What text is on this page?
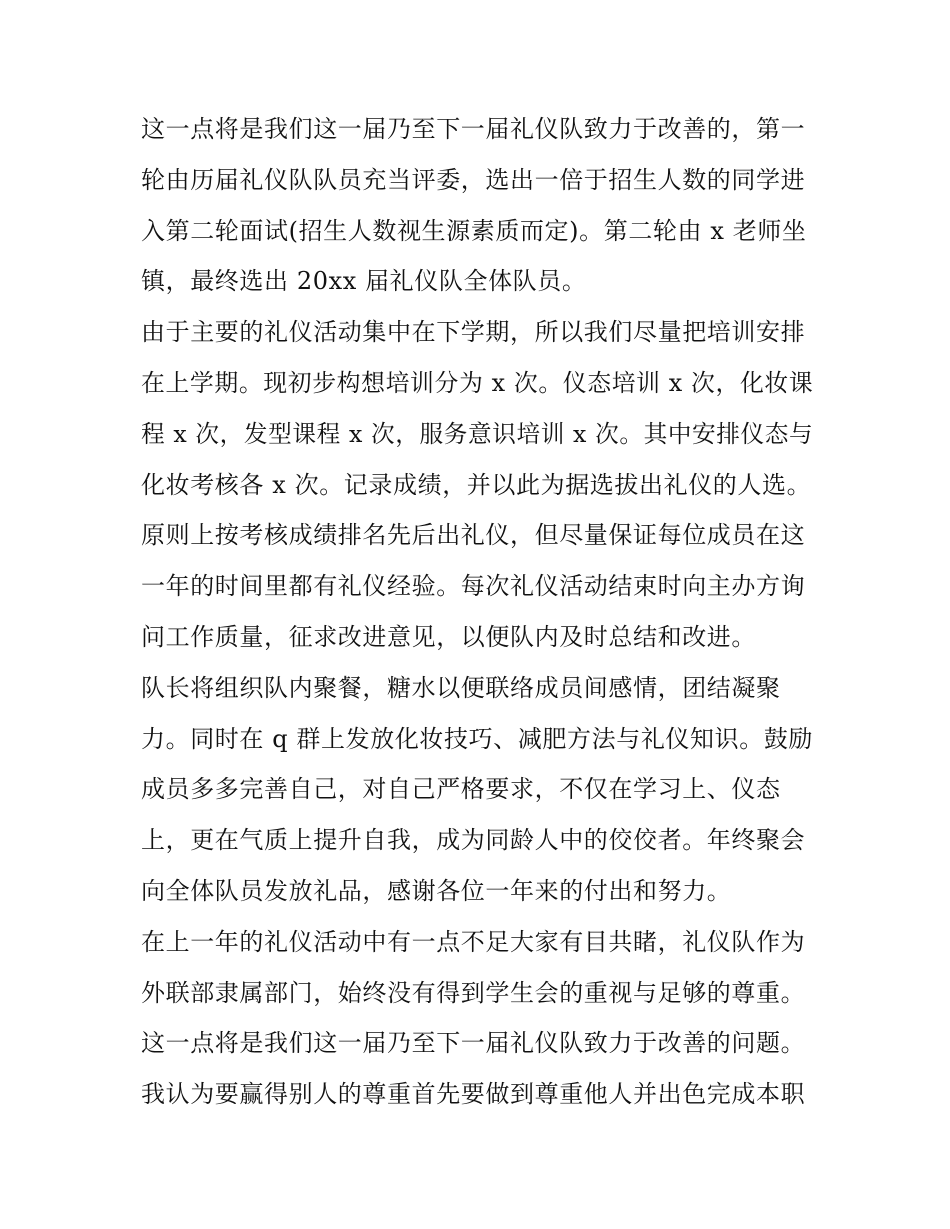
这一点将是我们这一届乃至下一届礼仪队致力于改善的，第一
轮由历届礼仪队队员充当评委，选出一倍于招生人数的同学进
入第二轮面试(招生人数视生源素质而定)。第二轮由 x 老师坐
镇，最终选出 20xx 届礼仪队全体队员。
由于主要的礼仪活动集中在下学期，所以我们尽量把培训安排
在上学期。现初步构想培训分为 x 次。仪态培训 x 次，化妆课
程 x 次，发型课程 x 次，服务意识培训 x 次。其中安排仪态与
化妆考核各 x 次。记录成绩，并以此为据选拔出礼仪的人选。
原则上按考核成绩排名先后出礼仪，但尽量保证每位成员在这
一年的时间里都有礼仪经验。每次礼仪活动结束时向主办方询
问工作质量，征求改进意见，以便队内及时总结和改进。
队长将组织队内聚餐，糖水以便联络成员间感情，团结凝聚
力。同时在 q 群上发放化妆技巧、减肥方法与礼仪知识。鼓励
成员多多完善自己，对自己严格要求，不仅在学习上、仪态
上，更在气质上提升自我，成为同龄人中的佼佼者。年终聚会
向全体队员发放礼品，感谢各位一年来的付出和努力。
在上一年的礼仪活动中有一点不足大家有目共睹，礼仪队作为
外联部隶属部门，始终没有得到学生会的重视与足够的尊重。
这一点将是我们这一届乃至下一届礼仪队致力于改善的问题。
我认为要赢得别人的尊重首先要做到尊重他人并出色完成本职
